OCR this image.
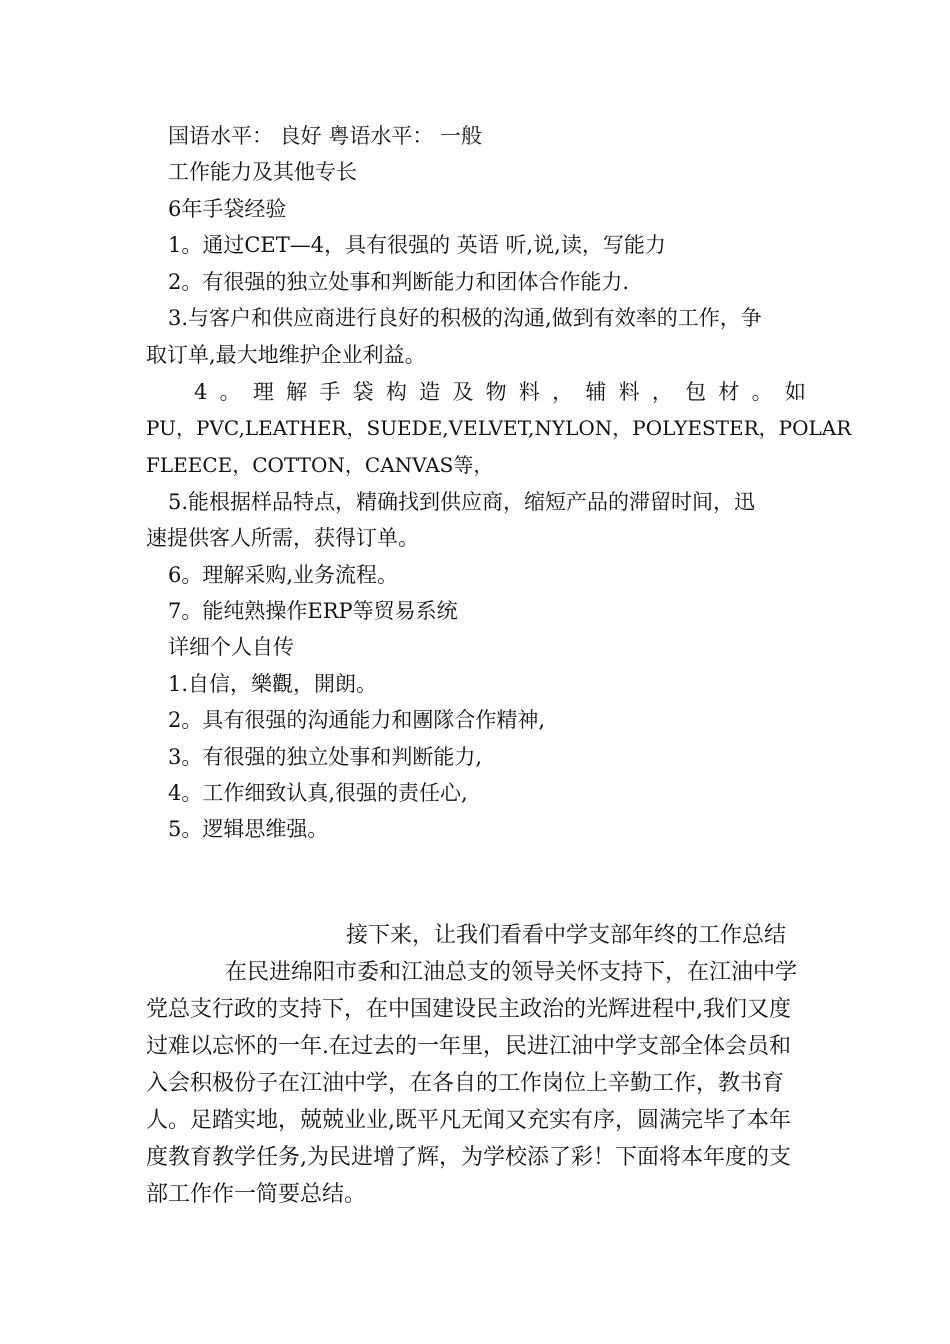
国语水平： 良好 粤语水平： 一般
工作能力及其他专长
6年手袋经验
1。通过CET—4，具有很强的 英语 听,说,读，写能力
2。有很强的独立处事和判断能力和团体合作能力.
3.与客户和供应商进行良好的积极的沟通,做到有效率的工作，争
取订单,最大地维护企业利益。
4 。 理 解 手 袋 构 造 及 物 料 ， 辅 料 ， 包 材 。 如
PU ， PVC,LEATHER ， SUEDE,VELVET,NYLON ， POLYESTER ， POLAR
FLEECE，COTTON，CANVAS等，
5.能根据样品特点，精确找到供应商，缩短产品的滞留时间，迅
速提供客人所需，获得订单。
6。理解采购,业务流程。
7。能纯熟操作ERP等贸易系统
详细个人自传
1.自信，樂觀，開朗。
2。具有很强的沟通能力和團隊合作精神,
3。有很强的独立处事和判断能力,
4。工作细致认真,很强的责任心,
5。逻辑思维强。
接下来，让我们看看中学支部年终的工作总结
在民进绵阳市委和江油总支的领导关怀支持下，在江油中学
党总支行政的支持下，在中国建设民主政治的光辉进程中,我们又度
过难以忘怀的一年.在过去的一年里，民进江油中学支部全体会员和
入会积极份子在江油中学，在各自的工作岗位上辛勤工作，教书育
人。足踏实地，兢兢业业,既平凡无闻又充实有序，圆满完毕了本年
度教育教学任务,为民进增了辉，为学校添了彩！下面将本年度的支
部工作作一简要总结。
